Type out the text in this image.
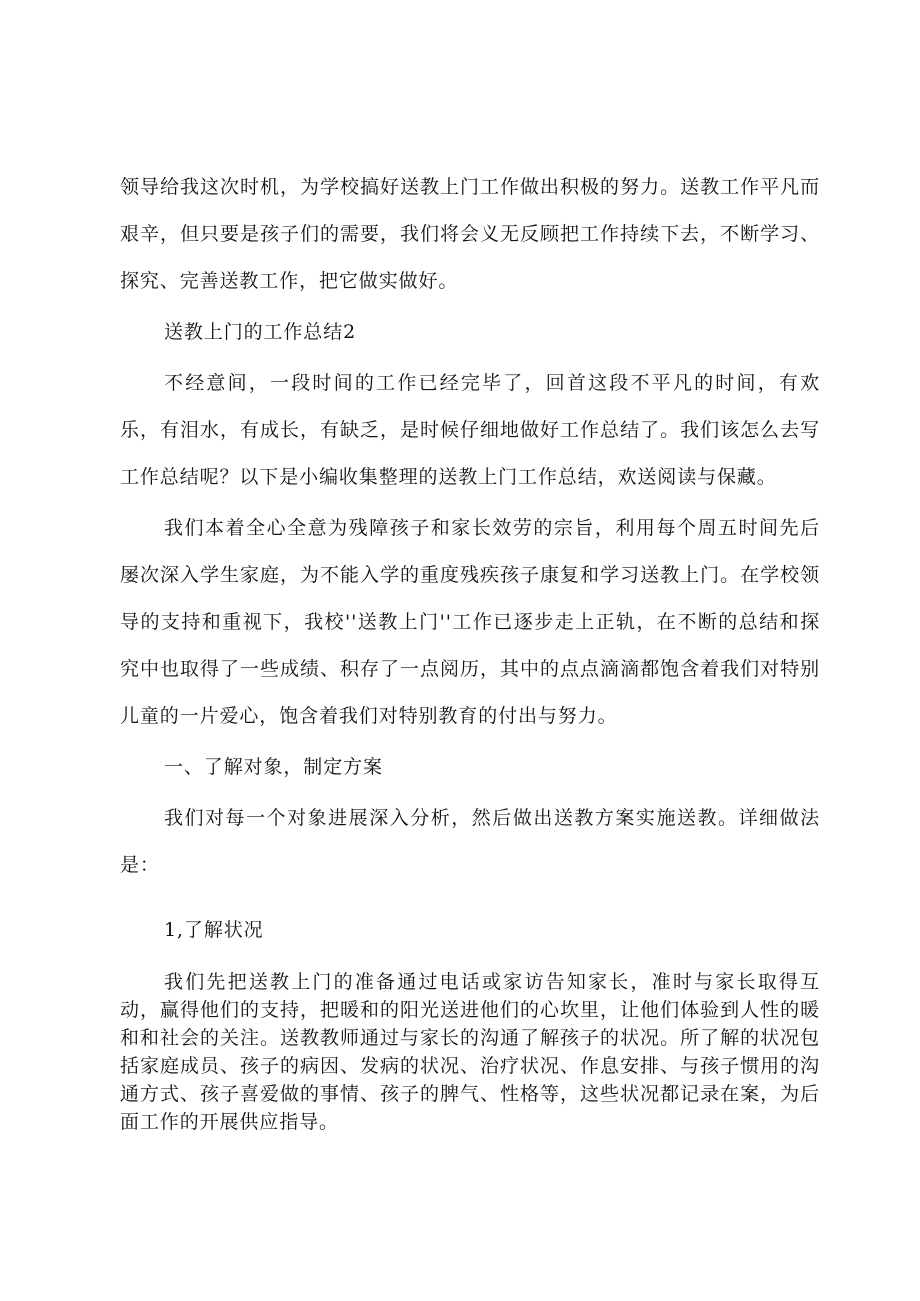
领导给我这次时机，为学校搞好送教上门工作做出积极的努力。送教工作平凡而艰辛，但只要是孩子们的需要，我们将会义无反顾把工作持续下去，不断学习、探究、完善送教工作，把它做实做好。

送教上门的工作总结2

不经意间，一段时间的工作已经完毕了，回首这段不平凡的时间，有欢乐，有泪水，有成长，有缺乏，是时候仔细地做好工作总结了。我们该怎么去写工作总结呢？以下是小编收集整理的送教上门工作总结，欢送阅读与保藏。

我们本着全心全意为残障孩子和家长效劳的宗旨，利用每个周五时间先后屡次深入学生家庭，为不能入学的重度残疾孩子康复和学习送教上门。在学校领导的支持和重视下，我校''送教上门''工作已逐步走上正轨，在不断的总结和探究中也取得了一些成绩、积存了一点阅历，其中的点点滴滴都饱含着我们对特别儿童的一片爱心，饱含着我们对特别教育的付出与努力。

一、了解对象，制定方案

我们对每一个对象进展深入分析，然后做出送教方案实施送教。详细做法是：

1,了解状况

我们先把送教上门的准备通过电话或家访告知家长，准时与家长取得互动，赢得他们的支持，把暖和的阳光送进他们的心坎里，让他们体验到人性的暖和和社会的关注。送教教师通过与家长的沟通了解孩子的状况。所了解的状况包括家庭成员、孩子的病因、发病的状况、治疗状况、作息安排、与孩子惯用的沟通方式、孩子喜爱做的事情、孩子的脾气、性格等，这些状况都记录在案，为后面工作的开展供应指导。
